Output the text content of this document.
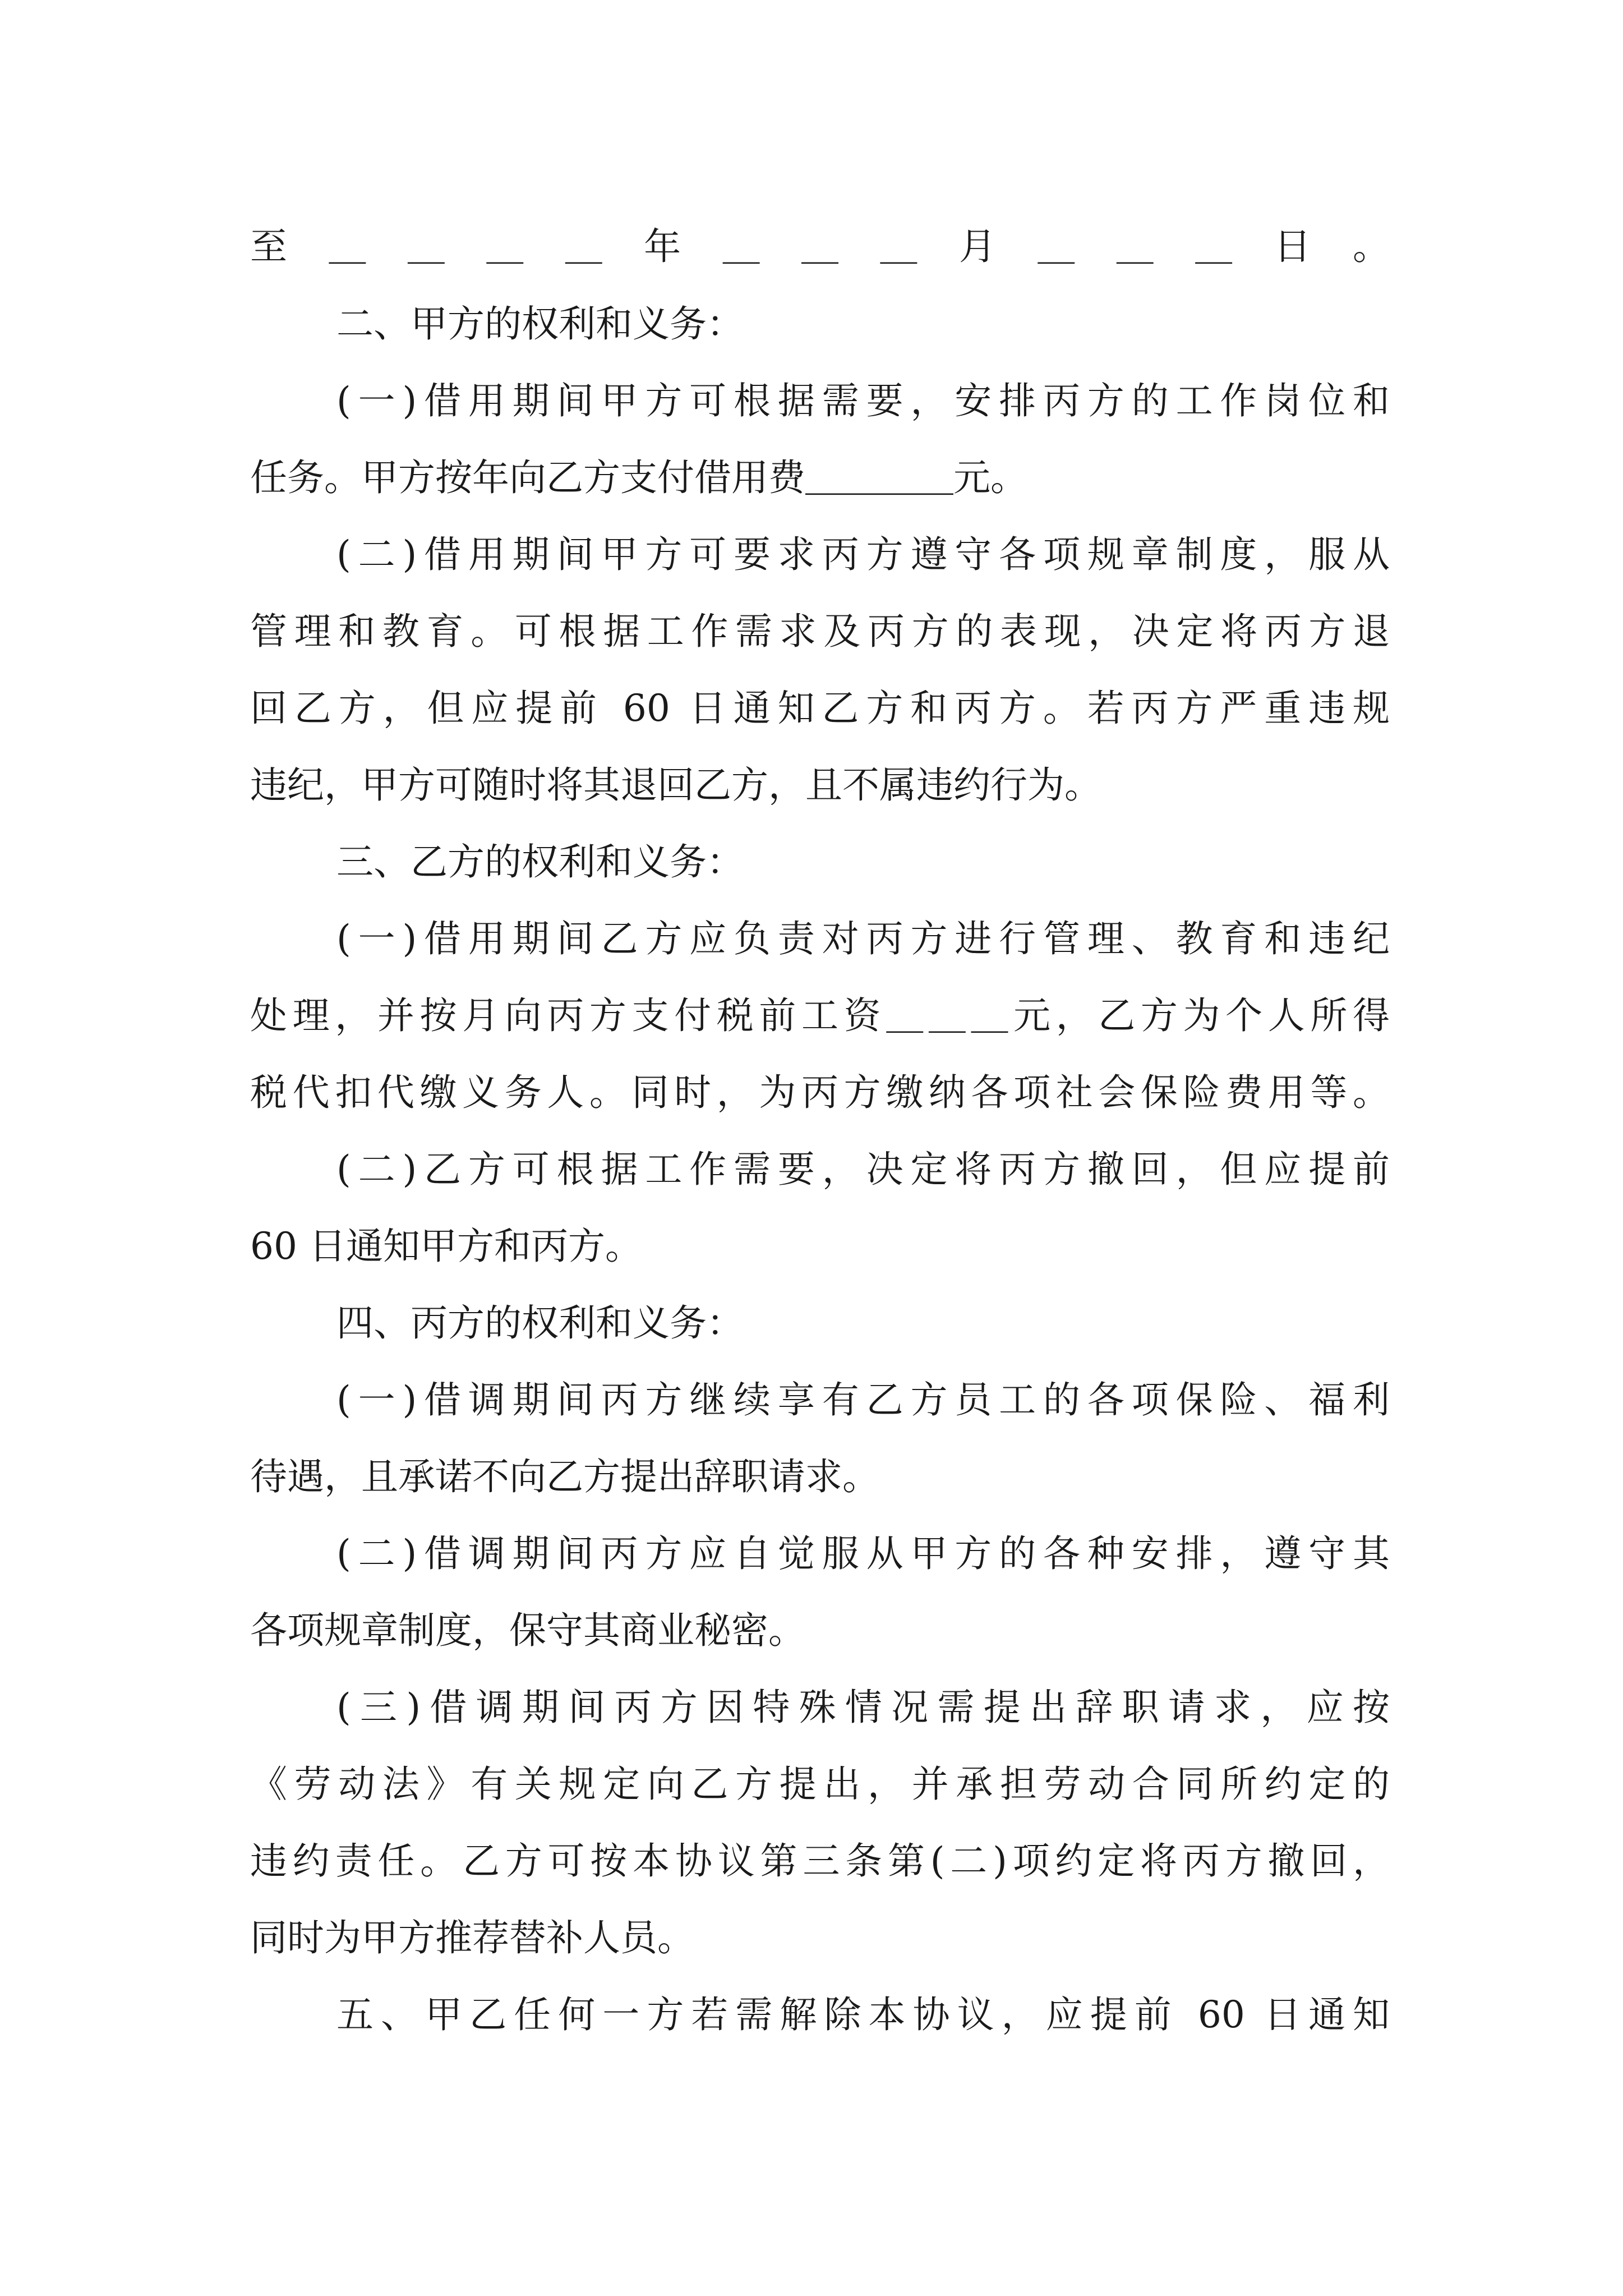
至＿＿＿＿年＿＿＿月＿＿＿日。
二、甲方的权利和义务：
(一)借用期间甲方可根据需要，安排丙方的工作岗位和
任务。甲方按年向乙方支付借用费＿＿＿＿元。
(二)借用期间甲方可要求丙方遵守各项规章制度，服从
管理和教育。可根据工作需求及丙方的表现，决定将丙方退
回乙方，但应提前 60 日通知乙方和丙方。若丙方严重违规
违纪，甲方可随时将其退回乙方，且不属违约行为。
三、乙方的权利和义务：
(一)借用期间乙方应负责对丙方进行管理、教育和违纪
处理，并按月向丙方支付税前工资＿＿＿元，乙方为个人所得
税代扣代缴义务人。同时，为丙方缴纳各项社会保险费用等。
(二)乙方可根据工作需要，决定将丙方撤回，但应提前
60 日通知甲方和丙方。
四、丙方的权利和义务：
(一)借调期间丙方继续享有乙方员工的各项保险、福利
待遇，且承诺不向乙方提出辞职请求。
(二)借调期间丙方应自觉服从甲方的各种安排，遵守其
各项规章制度，保守其商业秘密。
(三)借调期间丙方因特殊情况需提出辞职请求，应按
《劳动法》有关规定向乙方提出，并承担劳动合同所约定的
违约责任。乙方可按本协议第三条第(二)项约定将丙方撤回，
同时为甲方推荐替补人员。
五、甲乙任何一方若需解除本协议，应提前 60 日通知
